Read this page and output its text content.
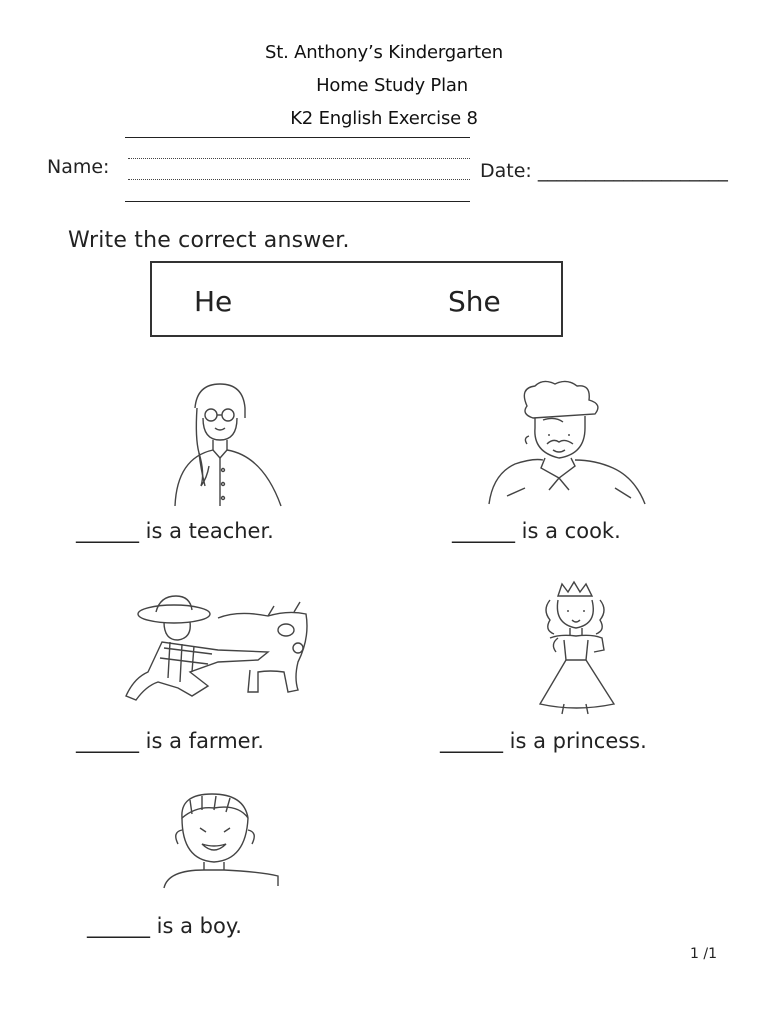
St. Anthony’s Kindergarten
Home Study Plan
K2 English Exercise 8
Name:	Date: ____________________
Write the correct answer.
He	She
______ is a teacher.	______ is a cook.
______ is a farmer.	______ is a princess.
______ is a boy.
1 /1
